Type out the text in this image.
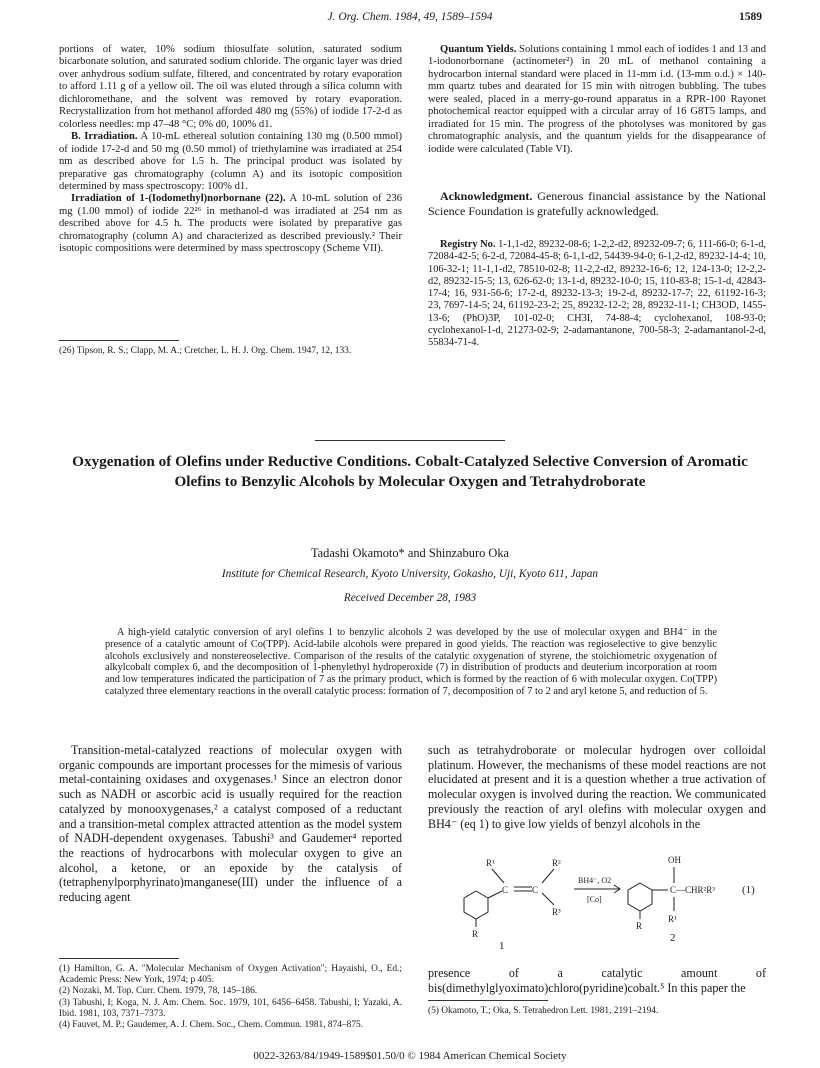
J. Org. Chem. 1984, 49, 1589–1594	1589

portions of water, 10% sodium thiosulfate solution, saturated sodium bicarbonate solution, and saturated sodium chloride. The organic layer was dried over anhydrous sodium sulfate, filtered, and concentrated by rotary evaporation to afford 1.11 g of a yellow oil. The oil was eluted through a silica column with dichloromethane, and the solvent was removed by rotary evaporation. Recrystallization from hot methanol afforded 480 mg (55%) of iodide 17-2-d as colorless needles: mp 47–48 °C; 0% d0, 100% d1.

B. Irradiation. A 10-mL ethereal solution containing 130 mg (0.500 mmol) of iodide 17-2-d and 50 mg (0.50 mmol) of triethylamine was irradiated at 254 nm as described above for 1.5 h. The principal product was isolated by preparative gas chromatography (column A) and its isotopic composition determined by mass spectroscopy: 100% d1.

Irradiation of 1-(Iodomethyl)norbornane (22). A 10-mL solution of 236 mg (1.00 mmol) of iodide 22²⁶ in methanol-d was irradiated at 254 nm as described above for 4.5 h. The products were isolated by preparative gas chromatography (column A) and characterized as described previously.² Their isotopic compositions were determined by mass spectroscopy (Scheme VII).

(26) Tipson, R. S.; Clapp, M. A.; Cretcher, L. H. J. Org. Chem. 1947, 12, 133.

Quantum Yields. Solutions containing 1 mmol each of iodides 1 and 13 and 1-iodonorbornane (actinometer²) in 20 mL of methanol containing a hydrocarbon internal standard were placed in 11-mm i.d. (13-mm o.d.) × 140-mm quartz tubes and dearated for 15 min with nitrogen bubbling. The tubes were sealed, placed in a merry-go-round apparatus in a RPR-100 Rayonet photochemical reactor equipped with a circular array of 16 G8T5 lamps, and irradiated for 15 min. The progress of the photolyses was monitored by gas chromatographic analysis, and the quantum yields for the disappearance of iodide were calculated (Table VI).

Acknowledgment. Generous financial assistance by the National Science Foundation is gratefully acknowledged.

Registry No. 1-1,1-d2, 89232-08-6; 1-2,2-d2, 89232-09-7; 6, 111-66-0; 6-1-d, 72084-42-5; 6-2-d, 72084-45-8; 6-1,1-d2, 54439-94-0; 6-1,2-d2, 89232-14-4; 10, 106-32-1; 11-1,1-d2, 78510-02-8; 11-2,2-d2, 89232-16-6; 12, 124-13-0; 12-2,2-d2, 89232-15-5; 13, 626-62-0; 13-1-d, 89232-10-0; 15, 110-83-8; 15-1-d, 42843-17-4; 16, 931-56-6; 17-2-d, 89232-13-3; 19-2-d, 89232-17-7; 22, 61192-16-3; 23, 7697-14-5; 24, 61192-23-2; 25, 89232-12-2; 28, 89232-11-1; CH3OD, 1455-13-6; (PhO)3P, 101-02-0; CH3I, 74-88-4; cyclohexanol, 108-93-0; cyclohexanol-1-d, 21273-02-9; 2-adamantanone, 700-58-3; 2-adamantanol-2-d, 55834-71-4.

Oxygenation of Olefins under Reductive Conditions. Cobalt-Catalyzed Selective Conversion of Aromatic Olefins to Benzylic Alcohols by Molecular Oxygen and Tetrahydroborate
Tadashi Okamoto* and Shinzaburo Oka
Institute for Chemical Research, Kyoto University, Gokasho, Uji, Kyoto 611, Japan
Received December 28, 1983

A high-yield catalytic conversion of aryl olefins 1 to benzylic alcohols 2 was developed by the use of molecular oxygen and BH4⁻ in the presence of a catalytic amount of Co(TPP). Acid-labile alcohols were prepared in good yields. The reaction was regioselective to give benzylic alcohols exclusively and nonstereoselective. Comparison of the results of the catalytic oxygenation of styrene, the stoichiometric oxygenation of alkylcobalt complex 6, and the decomposition of 1-phenylethyl hydroperoxide (7) in distribution of products and deuterium incorporation at room and low temperatures indicated the participation of 7 as the primary product, which is formed by the reaction of 6 with molecular oxygen. Co(TPP) catalyzed three elementary reactions in the overall catalytic process: formation of 7, decomposition of 7 to 2 and aryl ketone 5, and reduction of 5.

Transition-metal-catalyzed reactions of molecular oxygen with organic compounds are important processes for the mimesis of various metal-containing oxidases and oxygenases.¹ Since an electron donor such as NADH or ascorbic acid is usually required for the reaction catalyzed by monooxygenases,² a catalyst composed of a reductant and a transition-metal complex attracted attention as the model system of NADH-dependent oxygenases. Tabushi³ and Gaudemer⁴ reported the reactions of hydrocarbons with molecular oxygen to give an alcohol, a ketone, or an epoxide by the catalysis of (tetraphenylporphyrinato)manganese(III) under the influence of a reducing agent

(1) Hamilton, G. A. "Molecular Mechanism of Oxygen Activation"; Hayaishi, O., Ed.; Academic Press: New York, 1974; p 405.

(2) Nozaki, M. Top. Curr. Chem. 1979, 78, 145–186.

(3) Tabushi, I; Koga, N. J. Am. Chem. Soc. 1979, 101, 6456–6458. Tabushi, I; Yazaki, A. Ibid. 1981, 103, 7371–7373.

(4) Fauvet, M. P.; Gaudemer, A. J. Chem. Soc., Chem. Commun. 1981, 874–875.

such as tetrahydroborate or molecular hydrogen over colloidal platinum. However, the mechanisms of these model reactions are not elucidated at present and it is a question whether a true activation of molecular oxygen is involved during the reaction. We communicated previously the reaction of aryl olefins with molecular oxygen and BH4⁻ (eq 1) to give low yields of benzyl alcohols in the

R¹	R²
R³
C	C
R
BH4⁻, O2
[Co]
OH
C—CHR²R³
R¹
R
(1)
2
1

presence of a catalytic amount of bis(dimethylglyoximato)chloro(pyridine)cobalt.⁵ In this paper the

(5) Okamoto, T.; Oka, S. Tetrahedron Lett. 1981, 2191–2194.
0022-3263/84/1949-1589$01.50/0 © 1984 American Chemical Society
